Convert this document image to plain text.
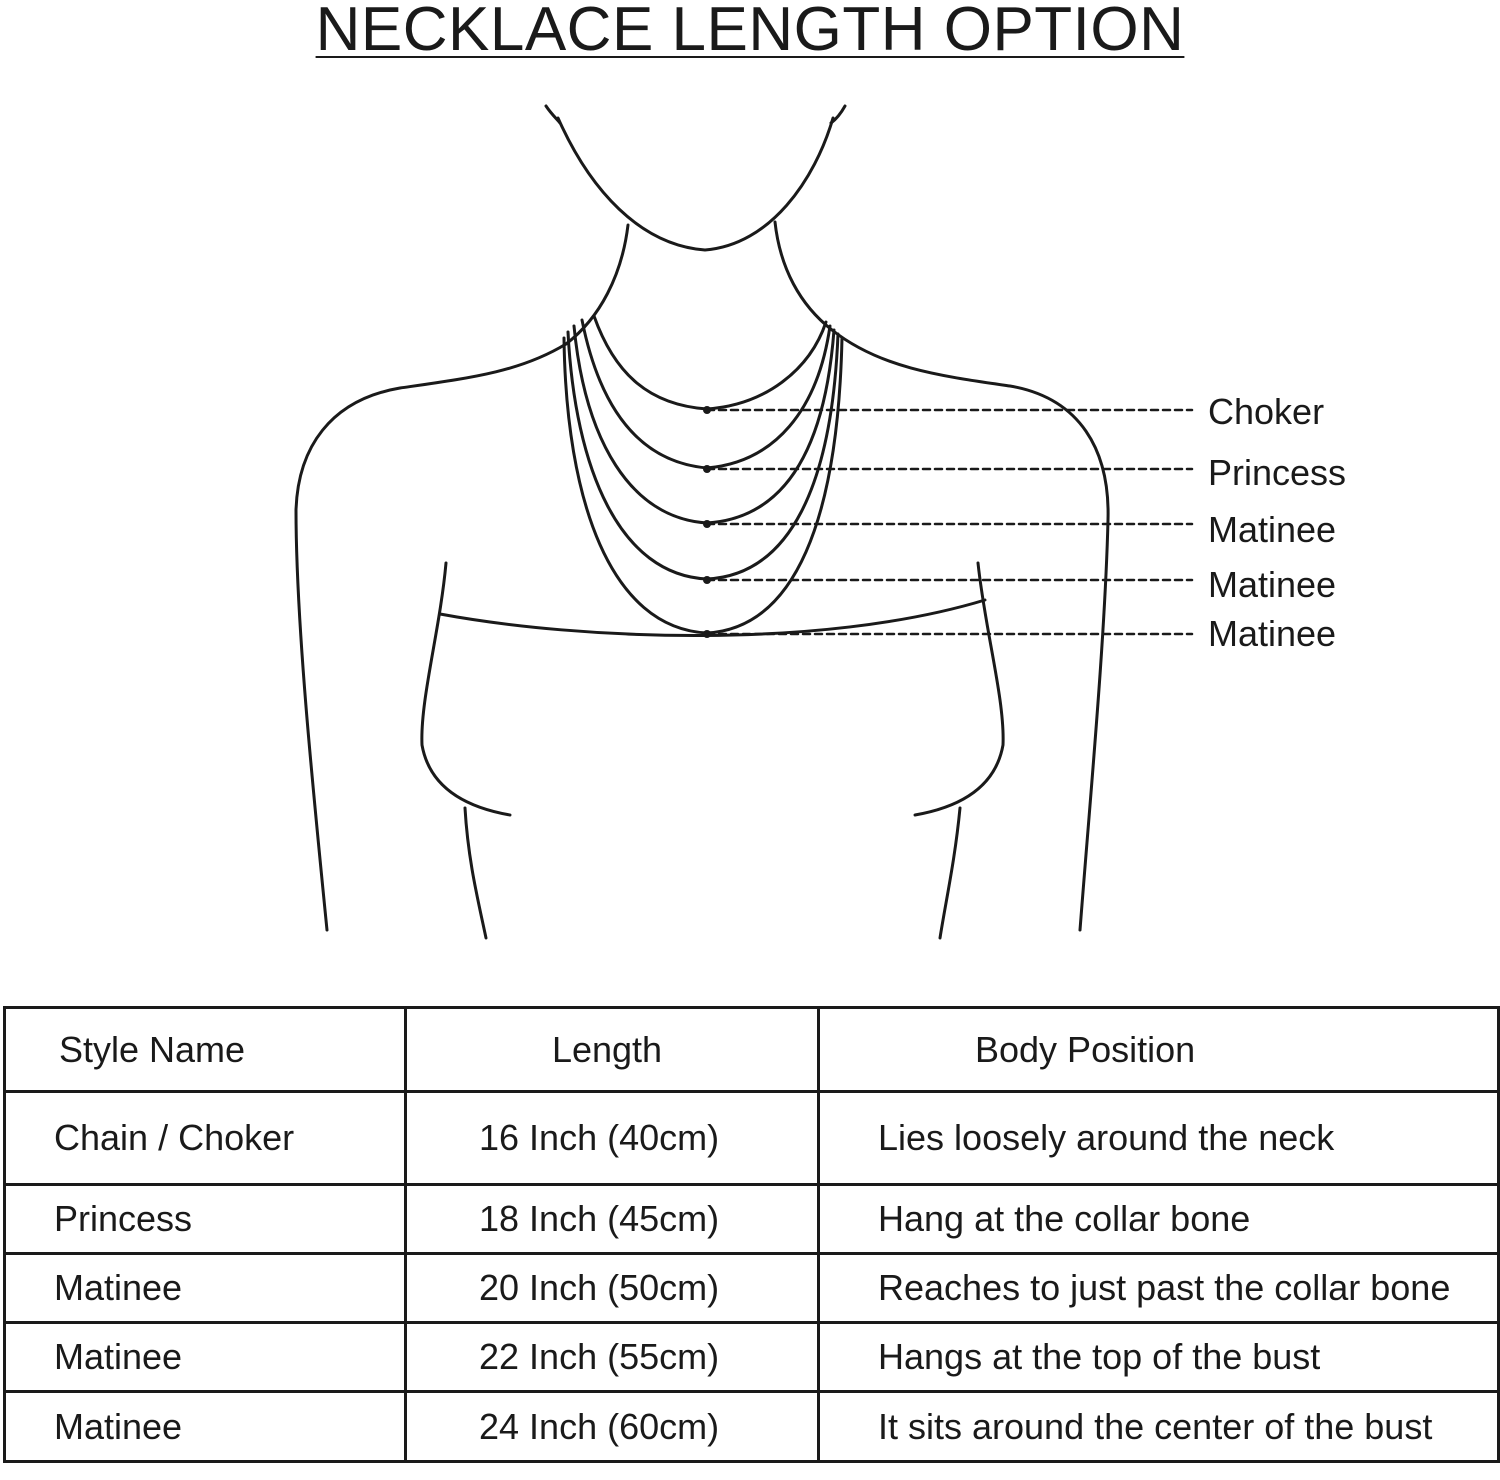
NECKLACE LENGTH OPTION
Choker
Princess
Matinee
Matinee
Matinee
Style Name	Length	Body Position
Chain / Choker	16 Inch (40cm)	Lies loosely around the neck
Princess	18 Inch (45cm)	Hang at the collar bone
Matinee	20 Inch (50cm)	Reaches to just past the collar bone
Matinee	22 Inch (55cm)	Hangs at the top of the bust
Matinee	24 Inch (60cm)	It sits around the center of the bust
